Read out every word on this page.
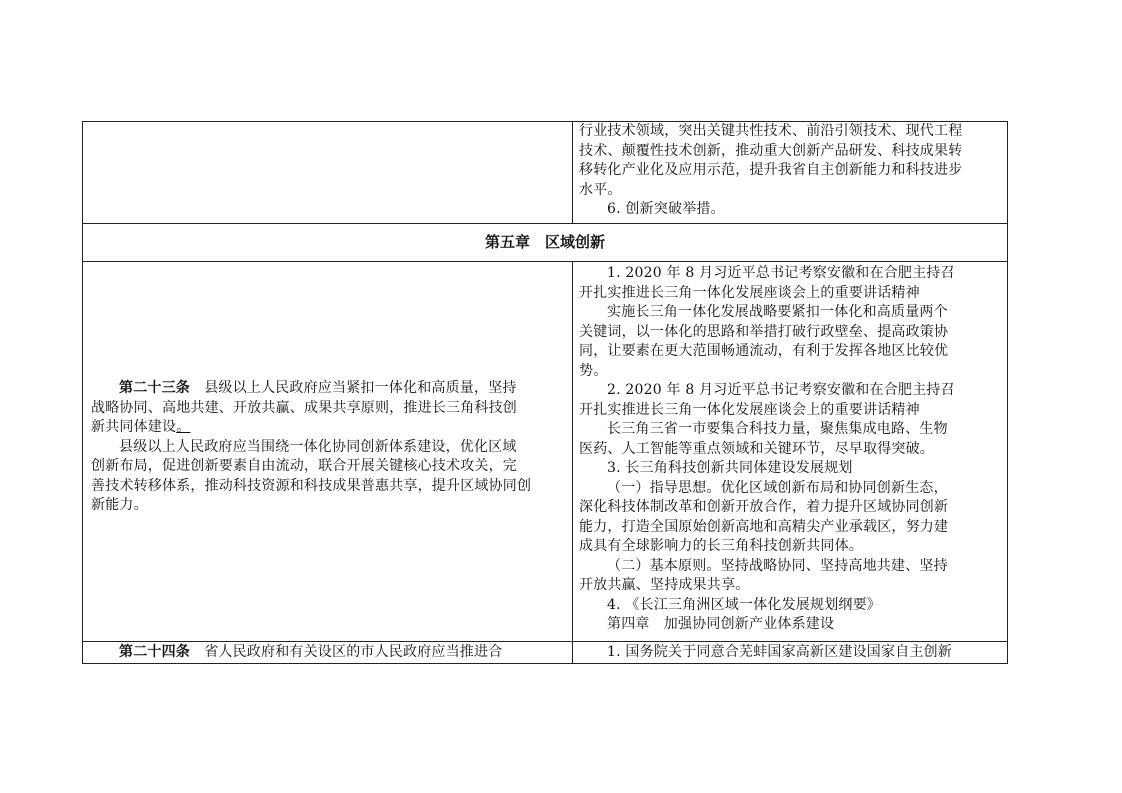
行业技术领域，突出关键共性技术、前沿引领技术、现代工程
技术、颠覆性技术创新，推动重大创新产品研发、科技成果转
移转化产业化及应用示范，提升我省自主创新能力和科技进步
水平。
6. 创新突破举措。
第五章　区域创新
第二十三条　县级以上人民政府应当紧扣一体化和高质量，坚持
战略协同、高地共建、开放共赢、成果共享原则，推进长三角科技创
新共同体建设。
县级以上人民政府应当围绕一体化协同创新体系建设，优化区域
创新布局，促进创新要素自由流动，联合开展关键核心技术攻关，完
善技术转移体系，推动科技资源和科技成果普惠共享，提升区域协同创
新能力。
1. 2020 年 8 月习近平总书记考察安徽和在合肥主持召
开扎实推进长三角一体化发展座谈会上的重要讲话精神
实施长三角一体化发展战略要紧扣一体化和高质量两个
关键词，以一体化的思路和举措打破行政壁垒、提高政策协
同，让要素在更大范围畅通流动，有利于发挥各地区比较优
势。
2. 2020 年 8 月习近平总书记考察安徽和在合肥主持召
开扎实推进长三角一体化发展座谈会上的重要讲话精神
长三角三省一市要集合科技力量，聚焦集成电路、生物
医药、人工智能等重点领域和关键环节，尽早取得突破。
3. 长三角科技创新共同体建设发展规划
（一）指导思想。优化区域创新布局和协同创新生态，
深化科技体制改革和创新开放合作，着力提升区域协同创新
能力，打造全国原始创新高地和高精尖产业承载区，努力建
成具有全球影响力的长三角科技创新共同体。
（二）基本原则。坚持战略协同、坚持高地共建、坚持
开放共赢、坚持成果共享。
4. 《长江三角洲区域一体化发展规划纲要》
第四章　加强协同创新产业体系建设
第二十四条　省人民政府和有关设区的市人民政府应当推进合	1. 国务院关于同意合芜蚌国家高新区建设国家自主创新
